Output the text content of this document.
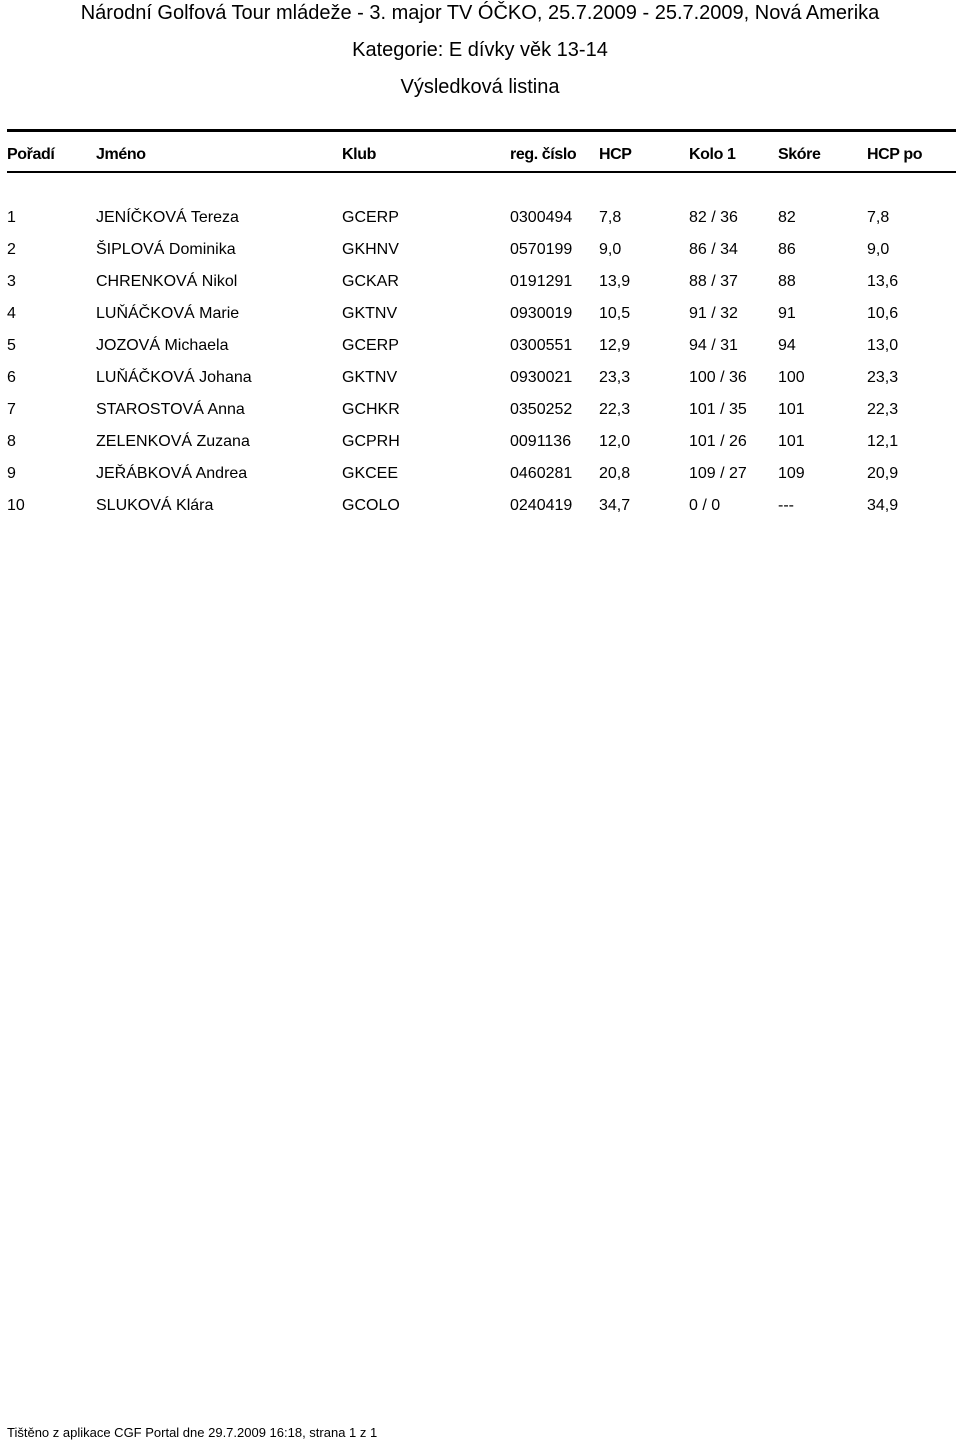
Národní Golfová Tour mládeže - 3. major TV ÓČKO, 25.7.2009 - 25.7.2009, Nová Amerika
Kategorie: E dívky věk 13-14
Výsledková listina
Pořadí	Jméno	Klub	reg. číslo	HCP	Kolo 1	Skóre	HCP po

1	JENÍČKOVÁ Tereza	GCERP	0300494	7,8	82 / 36	82	7,8
2	ŠIPLOVÁ Dominika	GKHNV	0570199	9,0	86 / 34	86	9,0
3	CHRENKOVÁ Nikol	GCKAR	0191291	13,9	88 / 37	88	13,6
4	LUŇÁČKOVÁ Marie	GKTNV	0930019	10,5	91 / 32	91	10,6
5	JOZOVÁ Michaela	GCERP	0300551	12,9	94 / 31	94	13,0
6	LUŇÁČKOVÁ Johana	GKTNV	0930021	23,3	100 / 36	100	23,3
7	STAROSTOVÁ Anna	GCHKR	0350252	22,3	101 / 35	101	22,3
8	ZELENKOVÁ Zuzana	GCPRH	0091136	12,0	101 / 26	101	12,1
9	JEŘÁBKOVÁ Andrea	GKCEE	0460281	20,8	109 / 27	109	20,9
10	SLUKOVÁ Klára	GCOLO	0240419	34,7	0 / 0	---	34,9
Tištěno z aplikace CGF Portal dne 29.7.2009 16:18, strana 1 z 1
